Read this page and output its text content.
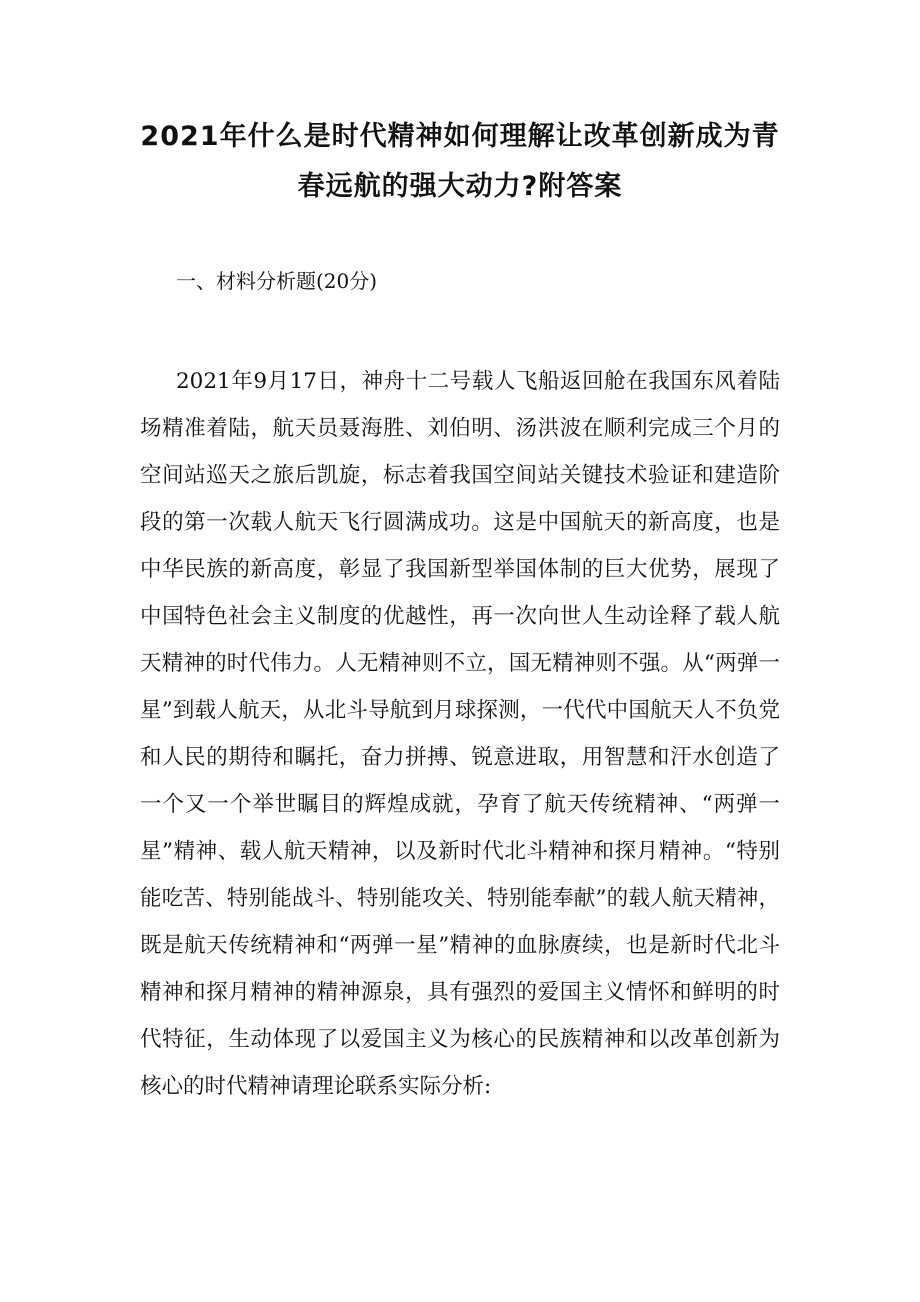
2021年什么是时代精神如何理解让改革创新成为青春远航的强大动力?附答案

一、材料分析题(20分)

2021年9月17日，神舟十二号载人飞船返回舱在我国东风着陆场精准着陆，航天员聂海胜、刘伯明、汤洪波在顺利完成三个月的空间站巡天之旅后凯旋，标志着我国空间站关键技术验证和建造阶段的第一次载人航天飞行圆满成功。这是中国航天的新高度，也是中华民族的新高度，彰显了我国新型举国体制的巨大优势，展现了中国特色社会主义制度的优越性，再一次向世人生动诠释了载人航天精神的时代伟力。人无精神则不立，国无精神则不强。从“两弹一星”到载人航天，从北斗导航到月球探测，一代代中国航天人不负党和人民的期待和瞩托，奋力拼搏、锐意进取，用智慧和汗水创造了一个又一个举世瞩目的辉煌成就，孕育了航天传统精神、“两弹一星”精神、载人航天精神，以及新时代北斗精神和探月精神。“特别能吃苦、特别能战斗、特别能攻关、特别能奉献”的载人航天精神，既是航天传统精神和“两弹一星”精神的血脉赓续，也是新时代北斗精神和探月精神的精神源泉，具有强烈的爱国主义情怀和鲜明的时代特征，生动体现了以爱国主义为核心的民族精神和以改革创新为核心的时代精神请理论联系实际分析:
